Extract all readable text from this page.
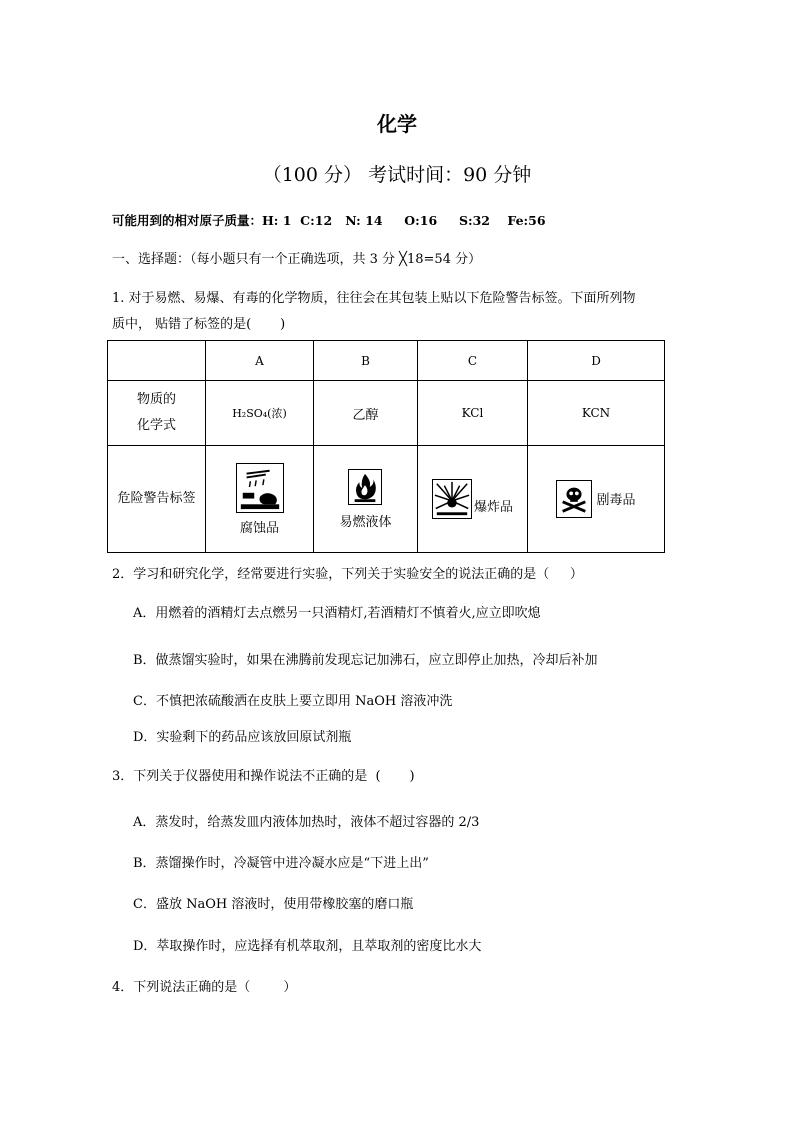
化学
（100 分） 考试时间：90 分钟
可能用到的相对原子质量：H: 1  C:12   N: 14     O:16     S:32    Fe:56
一、选择题：（每小题只有一个正确选项，共 3 分 ╳18=54 分）
1. 对于易燃、易爆、有毒的化学物质，往往会在其包装上贴以下危险警告标签。下面所列物
质中， 贴错了标签的是(       )
	A	B	C	D
物质的
化学式	H₂SO₄(浓)	乙醇	KCl	KCN
危险警告标签	腐蚀品	易燃液体	爆炸品	剧毒品
2．学习和研究化学，经常要进行实验，下列关于实验安全的说法正确的是（     ）
A．用燃着的酒精灯去点燃另一只酒精灯,若酒精灯不慎着火,应立即吹熄
B．做蒸馏实验时，如果在沸腾前发现忘记加沸石，应立即停止加热，冷却后补加
C．不慎把浓硫酸洒在皮肤上要立即用 NaOH 溶液冲洗
D．实验剩下的药品应该放回原试剂瓶
3．下列关于仪器使用和操作说法不正确的是  (       )
A．蒸发时，给蒸发皿内液体加热时，液体不超过容器的 2/3
B．蒸馏操作时，冷凝管中进冷凝水应是“下进上出”
C．盛放 NaOH 溶液时，使用带橡胶塞的磨口瓶
D．萃取操作时，应选择有机萃取剂，且萃取剂的密度比水大
4．下列说法正确的是（        ）
